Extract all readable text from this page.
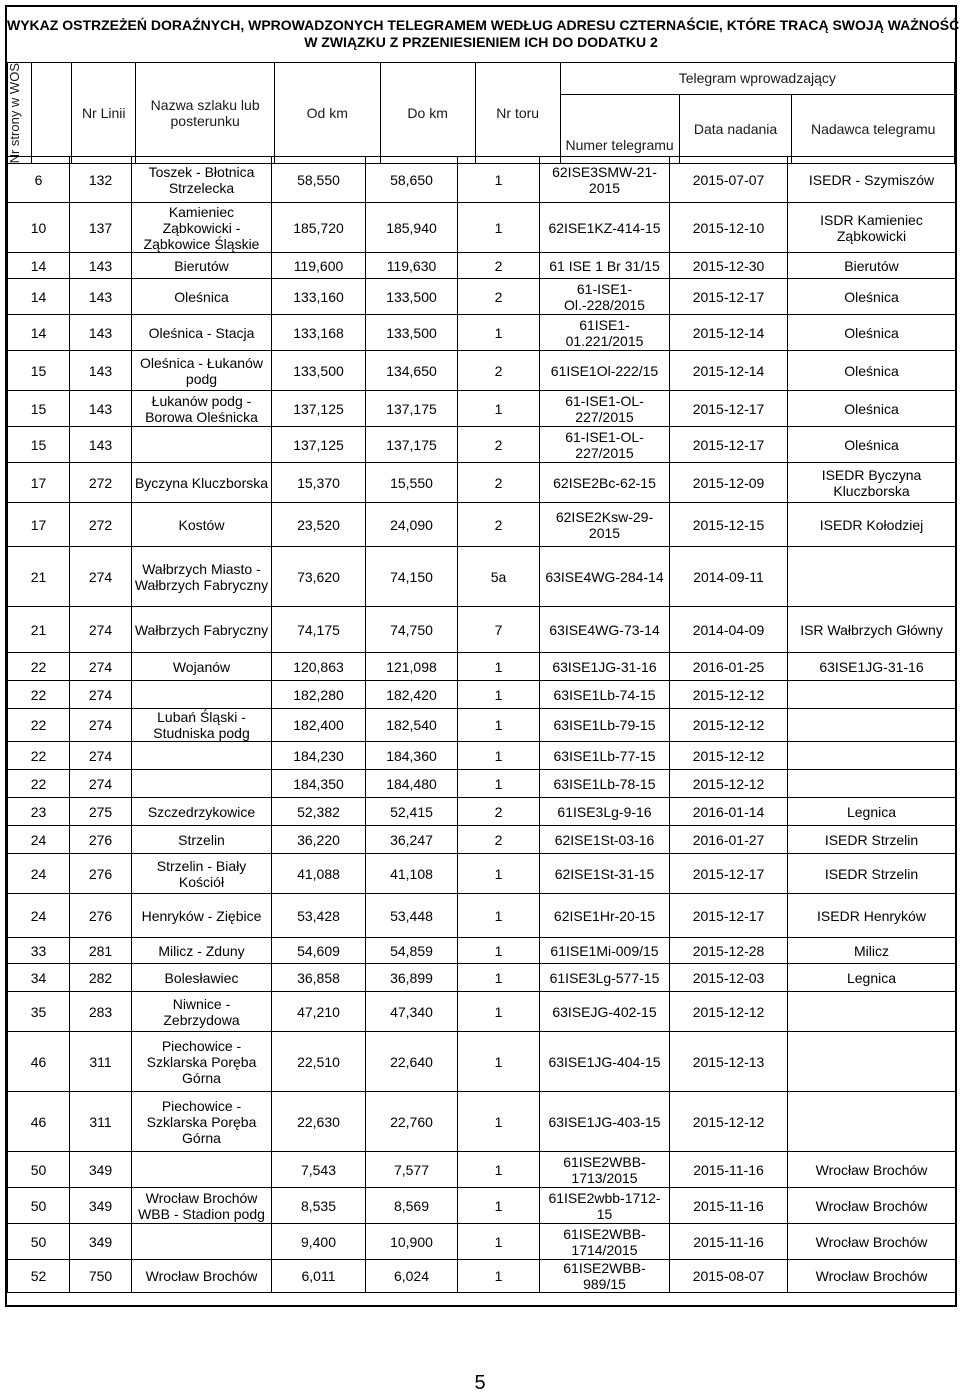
WYKAZ OSTRZEŻEŃ DORAŹNYCH, WPROWADZONYCH TELEGRAMEM WEDŁUG ADRESU CZTERNAŚCIE, KTÓRE TRACĄ SWOJĄ WAŻNOŚĆ
W ZWIĄZKU Z PRZENIESIENIEM ICH DO DODATKU 2
Nr strony w WOS		Nr Linii	Nazwa szlaku lub posterunku	Od km	Do km	Nr toru	Telegram wprowadzający		
							Numer telegramu	Data nadania	Nadawca telegramu
6	132	Toszek - Błotnica Strzelecka	58,550	58,650	1	62ISE3SMW-21-2015	2015-07-07	ISEDR - Szymiszów
10	137	Kamieniec Ząbkowicki - Ząbkowice Śląskie	185,720	185,940	1	62ISE1KZ-414-15	2015-12-10	ISDR Kamieniec Ząbkowicki
14	143	Bierutów	119,600	119,630	2	61 ISE 1 Br 31/15	2015-12-30	Bierutów
14	143	Oleśnica	133,160	133,500	2	61-ISE1-Ol.-228/2015	2015-12-17	Oleśnica
14	143	Oleśnica - Stacja	133,168	133,500	1	61ISE1-01.221/2015	2015-12-14	Oleśnica
15	143	Oleśnica - Łukanów podg	133,500	134,650	2	61ISE1Ol-222/15	2015-12-14	Oleśnica
15	143	Łukanów podg - Borowa Oleśnicka	137,125	137,175	1	61-ISE1-OL-227/2015	2015-12-17	Oleśnica
15	143		137,125	137,175	2	61-ISE1-OL-227/2015	2015-12-17	Oleśnica
17	272	Byczyna Kluczborska	15,370	15,550	2	62ISE2Bc-62-15	2015-12-09	ISEDR Byczyna Kluczborska
17	272	Kostów	23,520	24,090	2	62ISE2Ksw-29-2015	2015-12-15	ISEDR Kołodziej
21	274	Wałbrzych Miasto - Wałbrzych Fabryczny	73,620	74,150	5a	63ISE4WG-284-14	2014-09-11	
21	274	Wałbrzych Fabryczny	74,175	74,750	7	63ISE4WG-73-14	2014-04-09	ISR Wałbrzych Główny
22	274	Wojanów	120,863	121,098	1	63ISE1JG-31-16	2016-01-25	63ISE1JG-31-16
22	274		182,280	182,420	1	63ISE1Lb-74-15	2015-12-12	
22	274	Lubań Śląski - Studniska podg	182,400	182,540	1	63ISE1Lb-79-15	2015-12-12	
22	274		184,230	184,360	1	63ISE1Lb-77-15	2015-12-12	
22	274		184,350	184,480	1	63ISE1Lb-78-15	2015-12-12	
23	275	Szczedrzykowice	52,382	52,415	2	61ISE3Lg-9-16	2016-01-14	Legnica
24	276	Strzelin	36,220	36,247	2	62ISE1St-03-16	2016-01-27	ISEDR Strzelin
24	276	Strzelin - Biały Kościół	41,088	41,108	1	62ISE1St-31-15	2015-12-17	ISEDR Strzelin
24	276	Henryków - Ziębice	53,428	53,448	1	62ISE1Hr-20-15	2015-12-17	ISEDR Henryków
33	281	Milicz - Zduny	54,609	54,859	1	61ISE1Mi-009/15	2015-12-28	Milicz
34	282	Bolesławiec	36,858	36,899	1	61ISE3Lg-577-15	2015-12-03	Legnica
35	283	Niwnice - Zebrzydowa	47,210	47,340	1	63ISEJG-402-15	2015-12-12	
46	311	Piechowice - Szklarska Poręba Górna	22,510	22,640	1	63ISE1JG-404-15	2015-12-13	
46	311	Piechowice - Szklarska Poręba Górna	22,630	22,760	1	63ISE1JG-403-15	2015-12-12	
50	349		7,543	7,577	1	61ISE2WBB-1713/2015	2015-11-16	Wrocław Brochów
50	349	Wrocław Brochów WBB - Stadion podg	8,535	8,569	1	61ISE2wbb-1712-15	2015-11-16	Wrocław Brochów
50	349		9,400	10,900	1	61ISE2WBB-1714/2015	2015-11-16	Wrocław Brochów
52	750	Wrocław Brochów	6,011	6,024	1	61ISE2WBB-989/15	2015-08-07	Wrocław Brochów
5
